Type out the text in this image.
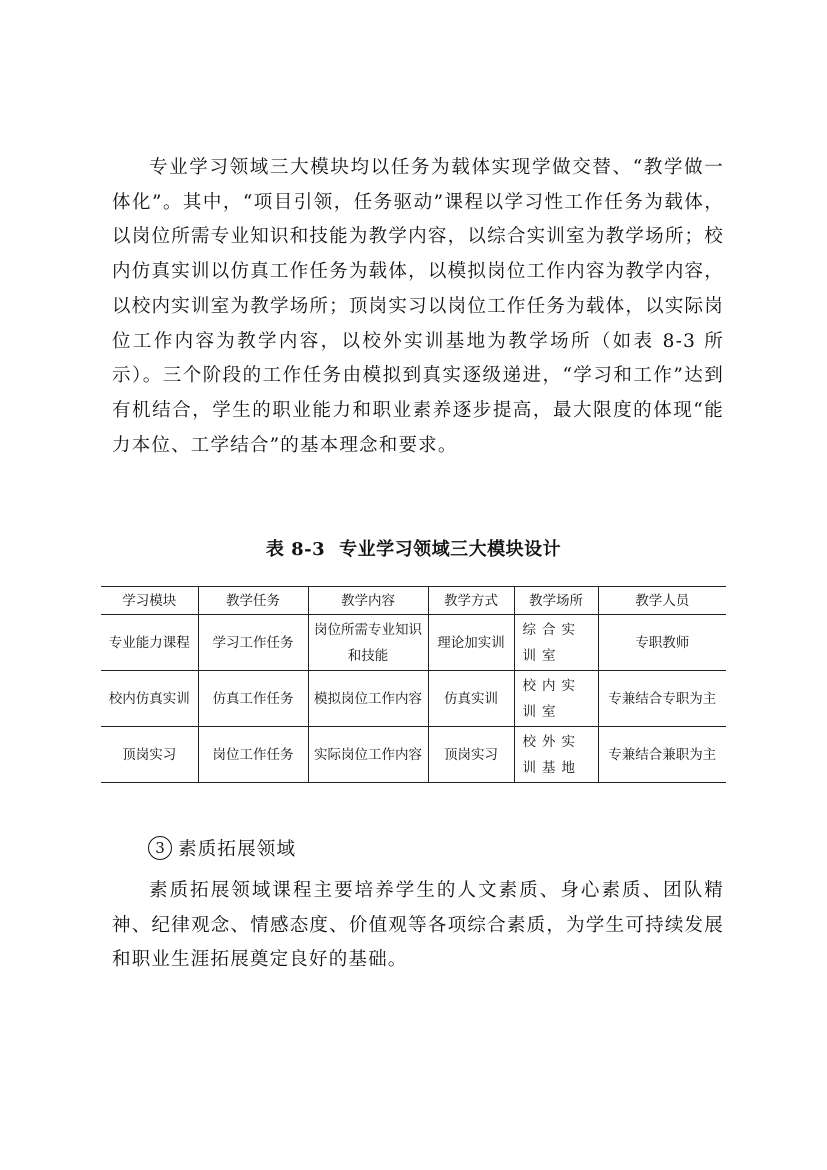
专业学习领域三大模块均以任务为载体实现学做交替、“教学做一体化”。其中，“项目引领，任务驱动”课程以学习性工作任务为载体，以岗位所需专业知识和技能为教学内容，以综合实训室为教学场所；校内仿真实训以仿真工作任务为载体，以模拟岗位工作内容为教学内容，以校内实训室为教学场所；顶岗实习以岗位工作任务为载体，以实际岗位工作内容为教学内容，以校外实训基地为教学场所（如表 8-3 所示）。三个阶段的工作任务由模拟到真实逐级递进，“学习和工作”达到有机结合，学生的职业能力和职业素养逐步提高，最大限度的体现“能力本位、工学结合”的基本理念和要求。

表 8-3 专业学习领域三大模块设计
学习模块	教学任务	教学内容	教学方式	教学场所	教学人员
专业能力课程	学习工作任务	岗位所需专业知识和技能	理论加实训	综合实训室	专职教师
校内仿真实训	仿真工作任务	模拟岗位工作内容	仿真实训	校内实训室	专兼结合专职为主
顶岗实习	岗位工作任务	实际岗位工作内容	顶岗实习	校外实训基地	专兼结合兼职为主
3 素质拓展领域

素质拓展领域课程主要培养学生的人文素质、身心素质、团队精神、纪律观念、情感态度、价值观等各项综合素质，为学生可持续发展和职业生涯拓展奠定良好的基础。
